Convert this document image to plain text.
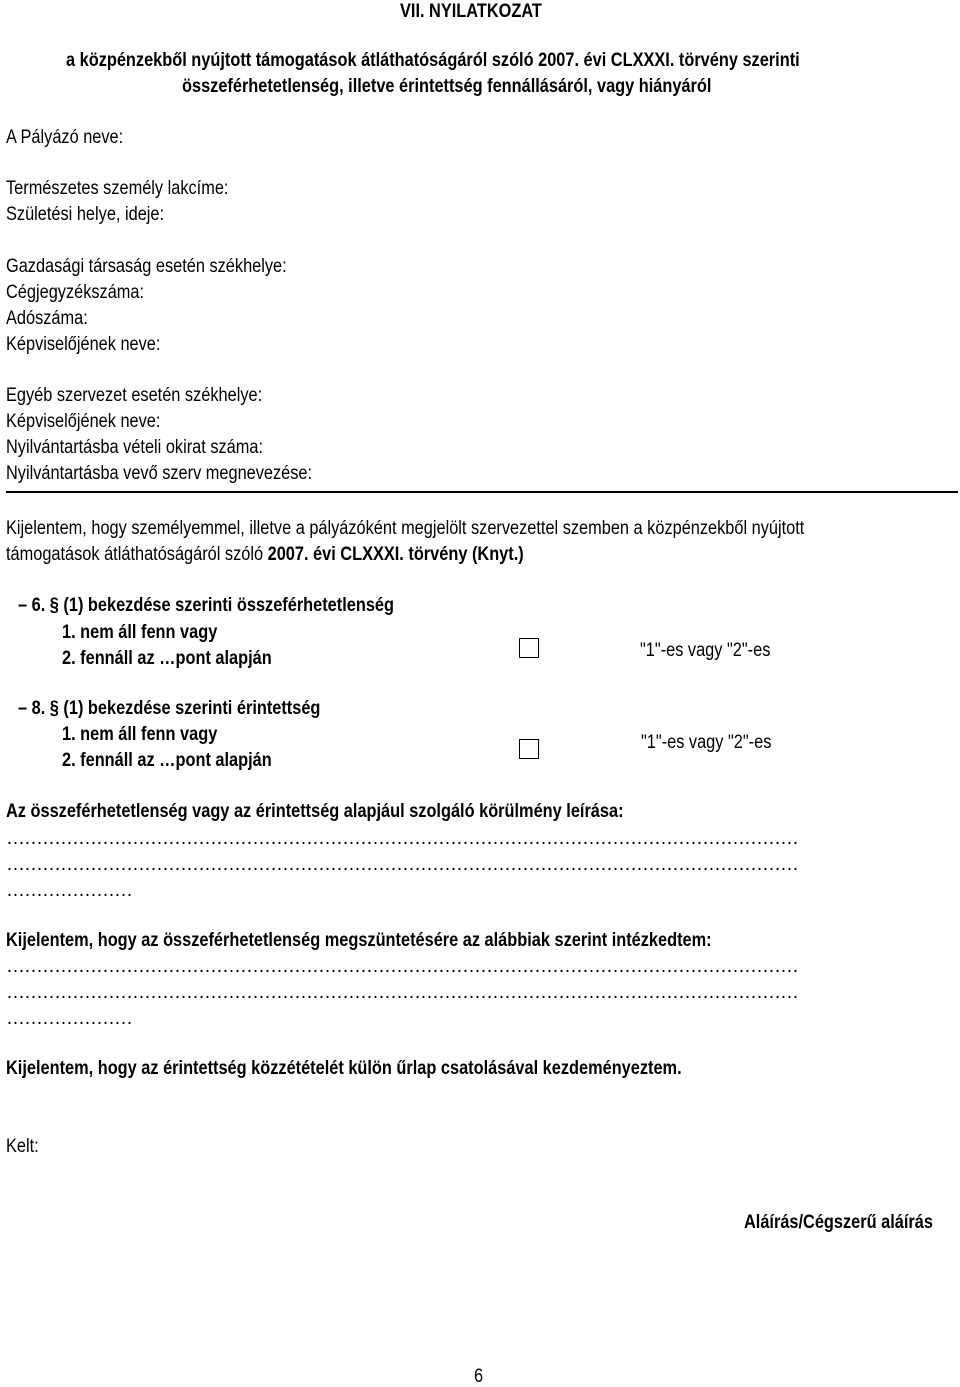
VII. NYILATKOZAT
a közpénzekből nyújtott támogatások átláthatóságáról szóló 2007. évi CLXXXI. törvény szerinti
összeférhetetlenség, illetve érintettség fennállásáról, vagy hiányáról
A Pályázó neve:
Természetes személy lakcíme:
Születési helye, ideje:
Gazdasági társaság esetén székhelye:
Cégjegyzékszáma:
Adószáma:
Képviselőjének neve:
Egyéb szervezet esetén székhelye:
Képviselőjének neve:
Nyilvántartásba vételi okirat száma:
Nyilvántartásba vevő szerv megnevezése:
Kijelentem, hogy személyemmel, illetve a pályázóként megjelölt szervezettel szemben a közpénzekből nyújtott
támogatások átláthatóságáról szóló 2007. évi CLXXXI. törvény (Knyt.)
– 6. § (1) bekezdése szerinti összeférhetetlenség
1. nem áll fenn vagy
2. fennáll az …pont alapján	"1"-es vagy "2"-es
– 8. § (1) bekezdése szerinti érintettség
1. nem áll fenn vagy
2. fennáll az …pont alapján
"1"-es vagy "2"-es
Az összeférhetetlenség vagy az érintettség alapjául szolgáló körülmény leírása:
……………………………………………………………………………………………………………………
……………………………………………………………………………………………………………………
…………………
Kijelentem, hogy az összeférhetetlenség megszüntetésére az alábbiak szerint intézkedtem:
……………………………………………………………………………………………………………………
……………………………………………………………………………………………………………………
…………………
Kijelentem, hogy az érintettség közzétételét külön űrlap csatolásával kezdeményeztem.
Kelt:
Aláírás/Cégszerű aláírás
6
